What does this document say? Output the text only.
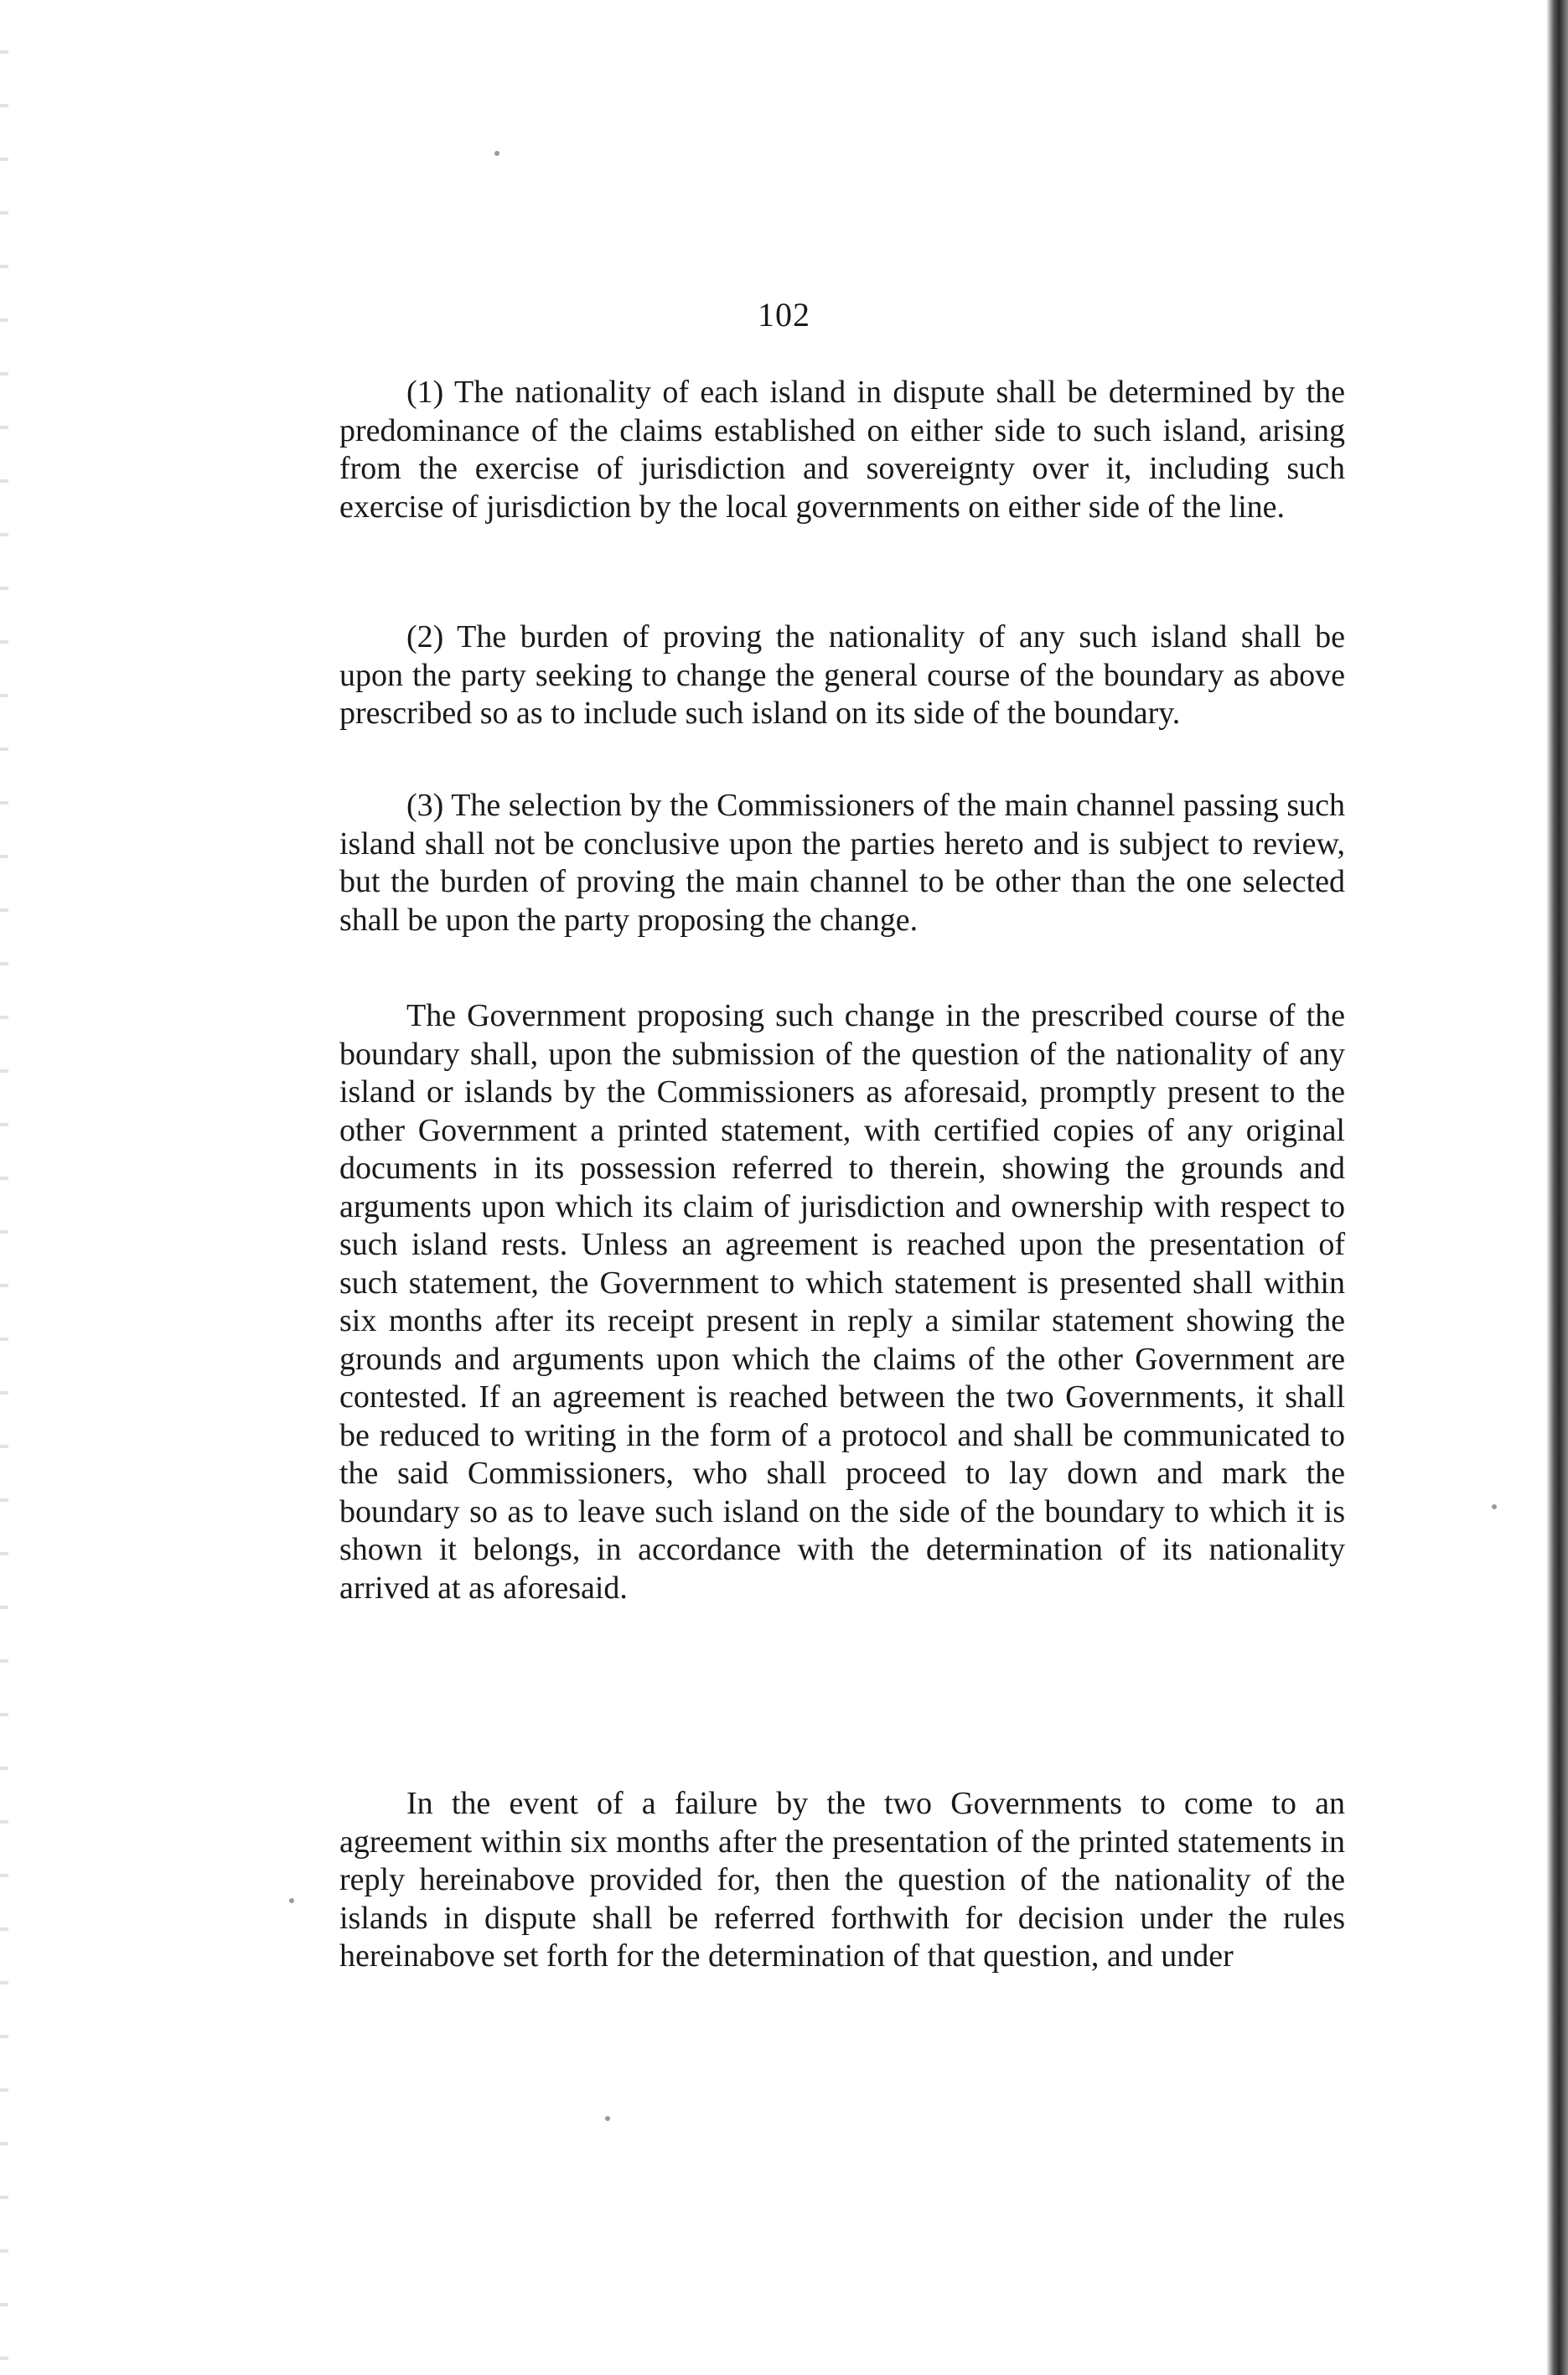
102

(1) The nationality of each island in dispute shall be determined by the predominance of the claims established on either side to such island, arising from the exercise of jurisdiction and sovereignty over it, including such exercise of jurisdiction by the local governments on either side of the line.

(2) The burden of proving the nationality of any such island shall be upon the party seeking to change the general course of the boundary as above prescribed so as to include such island on its side of the boundary.

(3) The selection by the Commissioners of the main channel passing such island shall not be conclusive upon the parties hereto and is subject to review, but the burden of proving the main channel to be other than the one selected shall be upon the party proposing the change.

The Government proposing such change in the prescribed course of the boundary shall, upon the submission of the question of the nationality of any island or islands by the Commissioners as aforesaid, promptly present to the other Government a printed statement, with certified copies of any original documents in its possession referred to therein, showing the grounds and arguments upon which its claim of jurisdiction and ownership with respect to such island rests. Unless an agreement is reached upon the presentation of such statement, the Government to which statement is presented shall within six months after its receipt present in reply a similar statement showing the grounds and arguments upon which the claims of the other Government are contested. If an agreement is reached between the two Governments, it shall be reduced to writing in the form of a protocol and shall be communicated to the said Commissioners, who shall proceed to lay down and mark the boundary so as to leave such island on the side of the boundary to which it is shown it belongs, in accordance with the determination of its nationality arrived at as aforesaid.

In the event of a failure by the two Governments to come to an agreement within six months after the presentation of the printed statements in reply hereinabove provided for, then the question of the nationality of the islands in dispute shall be referred forthwith for decision under the rules hereinabove set forth for the determination of that question, and under
